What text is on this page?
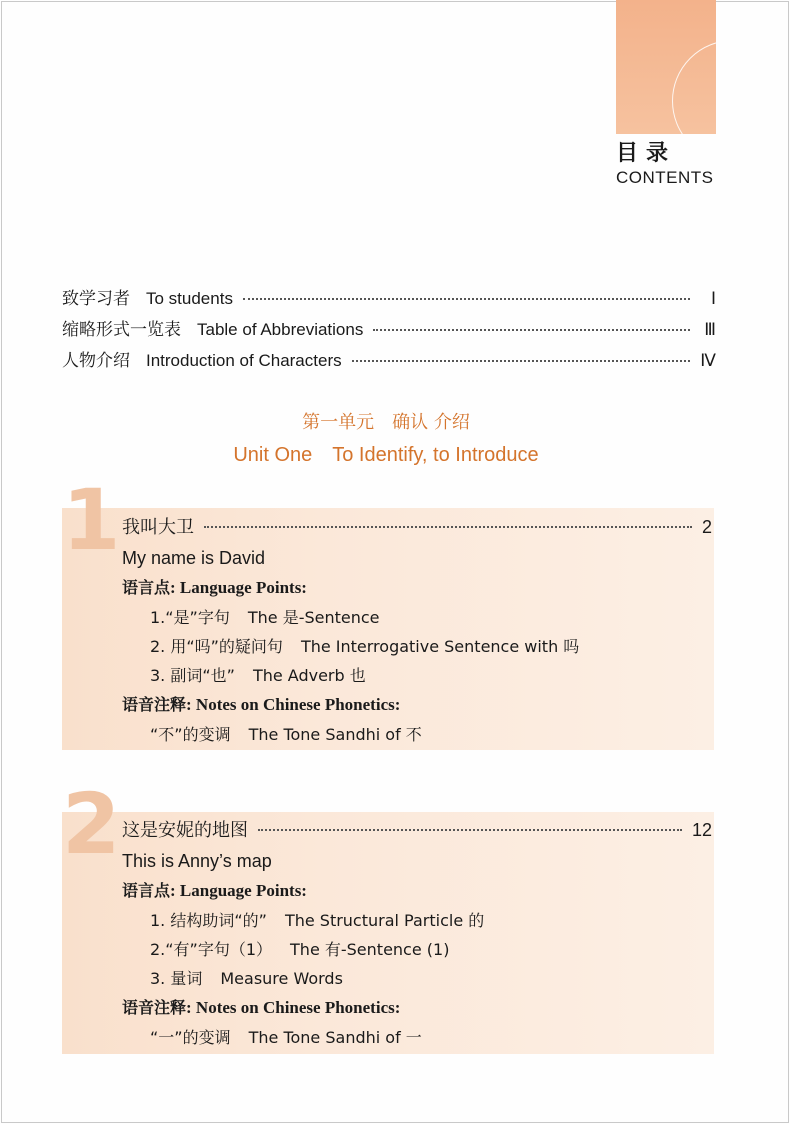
目录
CONTENTS
致学习者 To students	Ⅰ
缩略形式一览表 Table of Abbreviations	Ⅲ
人物介绍 Introduction of Characters	Ⅳ
第一单元　确认 介绍
Unit One　To Identify, to Introduce
1 我叫大卫	2
My name is David
语言点: Language Points:
1.“是”字句 The 是-Sentence
2. 用“吗”的疑问句 The Interrogative Sentence with 吗
3. 副词“也” The Adverb 也
语音注释: Notes on Chinese Phonetics:
“不”的变调 The Tone Sandhi of 不
2 这是安妮的地图	12
This is Anny’s map
语言点: Language Points:
1. 结构助词“的” The Structural Particle 的
2.“有”字句（1） The 有-Sentence (1)
3. 量词 Measure Words
语音注释: Notes on Chinese Phonetics:
“一”的变调 The Tone Sandhi of 一
